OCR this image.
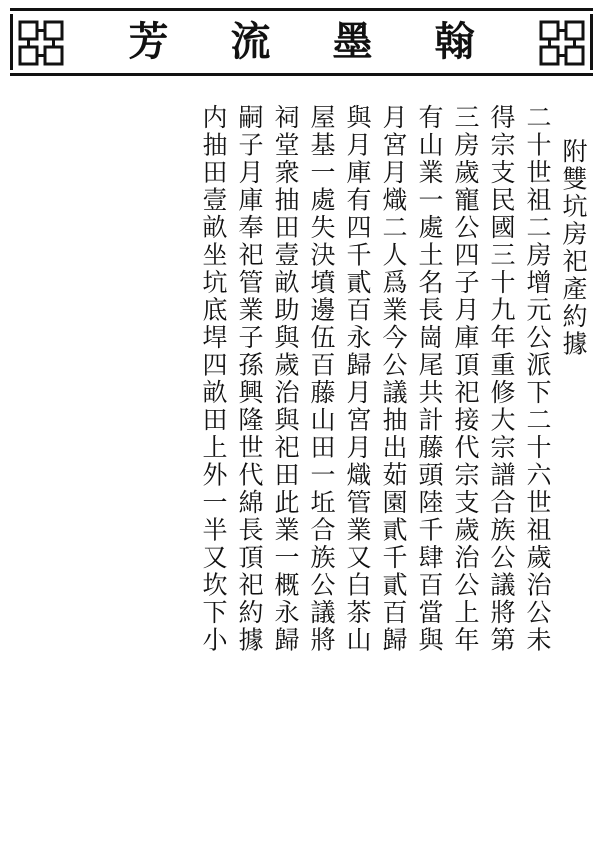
芳 流 墨 翰
附雙坑房祀產約據
二十世祖二房增元公派下二十六世祖歲治公未
得宗支民國三十九年重修大宗譜合族公議將第
三房歲寵公四子月庫頂祀接代宗支歲治公上年
有山業一處土名長崗尾共計藤頭陸千肆百當與
月宮月熾二人爲業今公議抽出茹園貳千貳百歸
與月庫有四千貳百永歸月宮月熾管業又白茶山
屋基一處失決墳邊伍百藤山田一坵合族公議將
祠堂衆抽田壹畝助與歲治與祀田此業一概永歸
嗣子月庫奉祀管業子孫興隆世代綿長頂祀約據
内抽田壹畝坐坑底垾四畝田上外一半又坎下小
